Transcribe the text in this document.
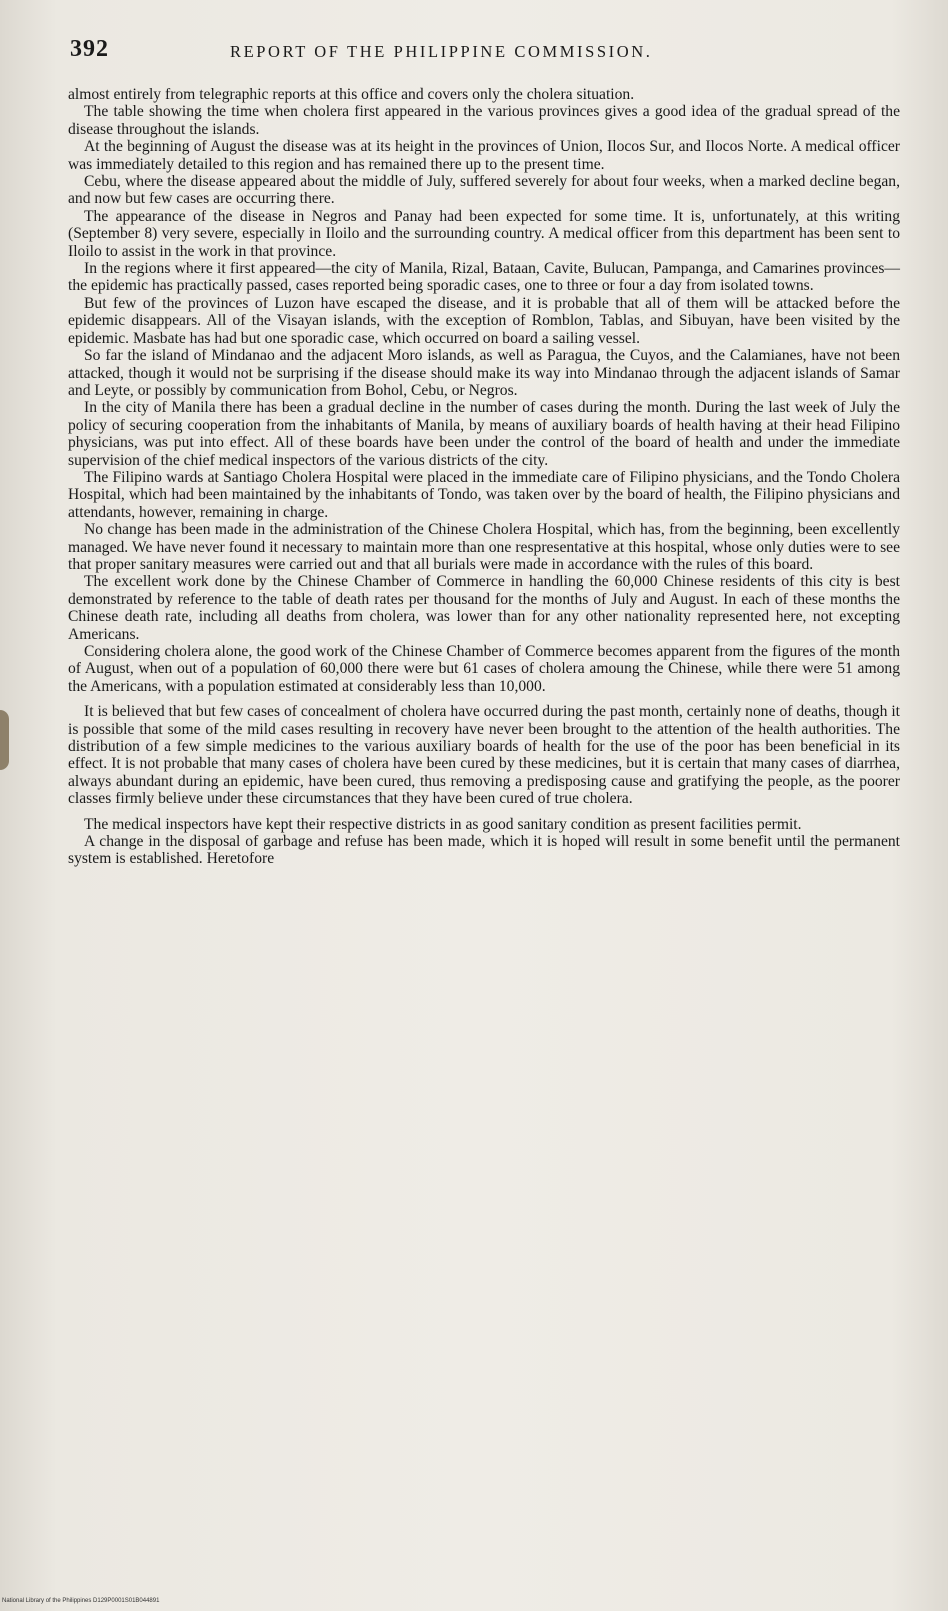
392	REPORT OF THE PHILIPPINE COMMISSION.

almost entirely from telegraphic reports at this office and covers only the cholera situation.

The table showing the time when cholera first appeared in the various provinces gives a good idea of the gradual spread of the disease throughout the islands.

At the beginning of August the disease was at its height in the provinces of Union, Ilocos Sur, and Ilocos Norte. A medical officer was immediately detailed to this region and has remained there up to the present time.

Cebu, where the disease appeared about the middle of July, suffered severely for about four weeks, when a marked decline began, and now but few cases are occurring there.

The appearance of the disease in Negros and Panay had been expected for some time. It is, unfortunately, at this writing (September 8) very severe, especially in Iloilo and the surrounding country. A medical officer from this department has been sent to Iloilo to assist in the work in that province.

In the regions where it first appeared—the city of Manila, Rizal, Bataan, Cavite, Bulucan, Pampanga, and Camarines provinces—the epidemic has practically passed, cases reported being sporadic cases, one to three or four a day from isolated towns.

But few of the provinces of Luzon have escaped the disease, and it is probable that all of them will be attacked before the epidemic disappears. All of the Visayan islands, with the exception of Romblon, Tablas, and Sibuyan, have been visited by the epidemic. Masbate has had but one sporadic case, which occurred on board a sailing vessel.

So far the island of Mindanao and the adjacent Moro islands, as well as Paragua, the Cuyos, and the Calamianes, have not been attacked, though it would not be surprising if the disease should make its way into Mindanao through the adjacent islands of Samar and Leyte, or possibly by communication from Bohol, Cebu, or Negros.

In the city of Manila there has been a gradual decline in the number of cases during the month. During the last week of July the policy of securing cooperation from the inhabitants of Manila, by means of auxiliary boards of health having at their head Filipino physicians, was put into effect. All of these boards have been under the control of the board of health and under the immediate supervision of the chief medical inspectors of the various districts of the city.

The Filipino wards at Santiago Cholera Hospital were placed in the immediate care of Filipino physicians, and the Tondo Cholera Hospital, which had been maintained by the inhabitants of Tondo, was taken over by the board of health, the Filipino physicians and attendants, however, remaining in charge.

No change has been made in the administration of the Chinese Cholera Hospital, which has, from the beginning, been excellently managed. We have never found it necessary to maintain more than one respresentative at this hospital, whose only duties were to see that proper sanitary measures were carried out and that all burials were made in accordance with the rules of this board.

The excellent work done by the Chinese Chamber of Commerce in handling the 60,000 Chinese residents of this city is best demonstrated by reference to the table of death rates per thousand for the months of July and August. In each of these months the Chinese death rate, including all deaths from cholera, was lower than for any other nationality represented here, not excepting Americans.

Considering cholera alone, the good work of the Chinese Chamber of Commerce becomes apparent from the figures of the month of August, when out of a population of 60,000 there were but 61 cases of cholera amoung the Chinese, while there were 51 among the Americans, with a population estimated at considerably less than 10,000.

It is believed that but few cases of concealment of cholera have occurred during the past month, certainly none of deaths, though it is possible that some of the mild cases resulting in recovery have never been brought to the attention of the health authorities. The distribution of a few simple medicines to the various auxiliary boards of health for the use of the poor has been beneficial in its effect. It is not probable that many cases of cholera have been cured by these medicines, but it is certain that many cases of diarrhea, always abundant during an epidemic, have been cured, thus removing a predisposing cause and gratifying the people, as the poorer classes firmly believe under these circumstances that they have been cured of true cholera.

The medical inspectors have kept their respective districts in as good sanitary condition as present facilities permit.

A change in the disposal of garbage and refuse has been made, which it is hoped will result in some benefit until the permanent system is established. Heretofore

National Library of the Philippines D129P0001S01B044891
